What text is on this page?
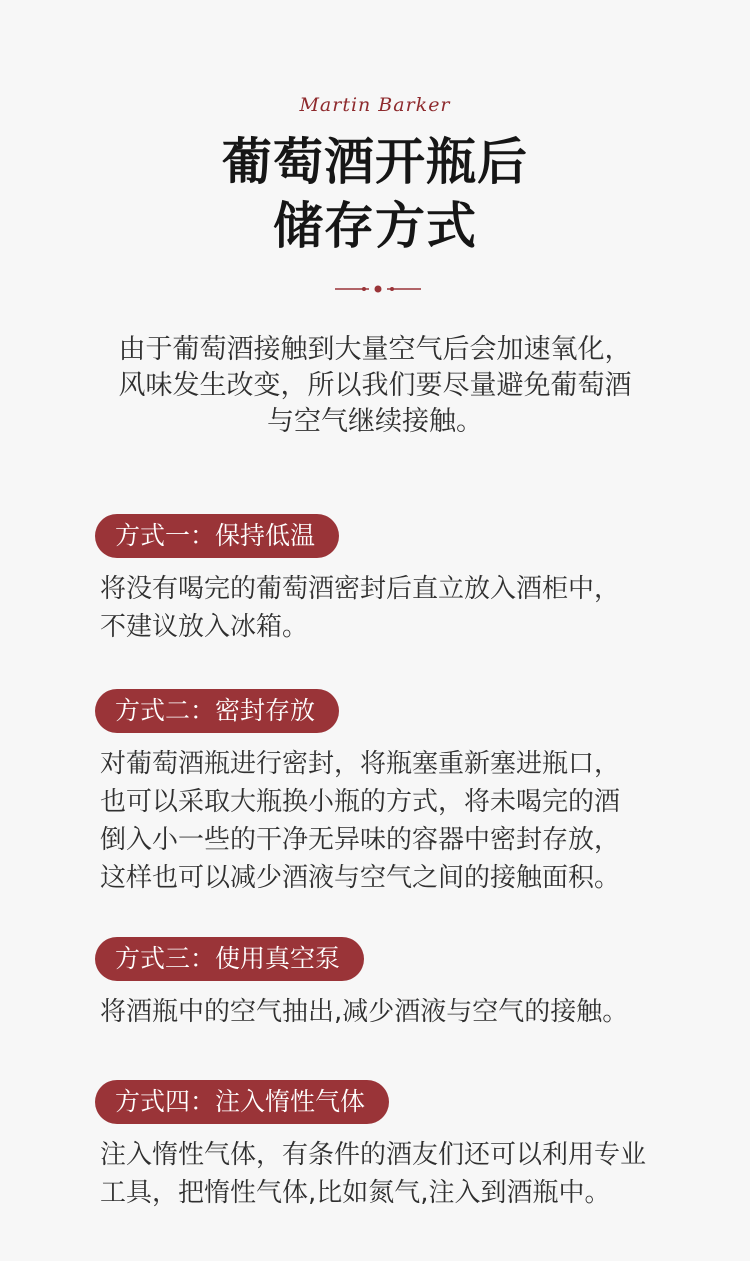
Martin Barker
葡萄酒开瓶后
储存方式
由于葡萄酒接触到大量空气后会加速氧化，
风味发生改变，所以我们要尽量避免葡萄酒
与空气继续接触。
方式一：保持低温
将没有喝完的葡萄酒密封后直立放入酒柜中，
不建议放入冰箱。
方式二：密封存放
对葡萄酒瓶进行密封，将瓶塞重新塞进瓶口，
也可以采取大瓶换小瓶的方式，将未喝完的酒
倒入小一些的干净无异味的容器中密封存放，
这样也可以减少酒液与空气之间的接触面积。
方式三：使用真空泵
将酒瓶中的空气抽出,减少酒液与空气的接触。
方式四：注入惰性气体
注入惰性气体，有条件的酒友们还可以利用专业
工具，把惰性气体,比如氮气,注入到酒瓶中。
